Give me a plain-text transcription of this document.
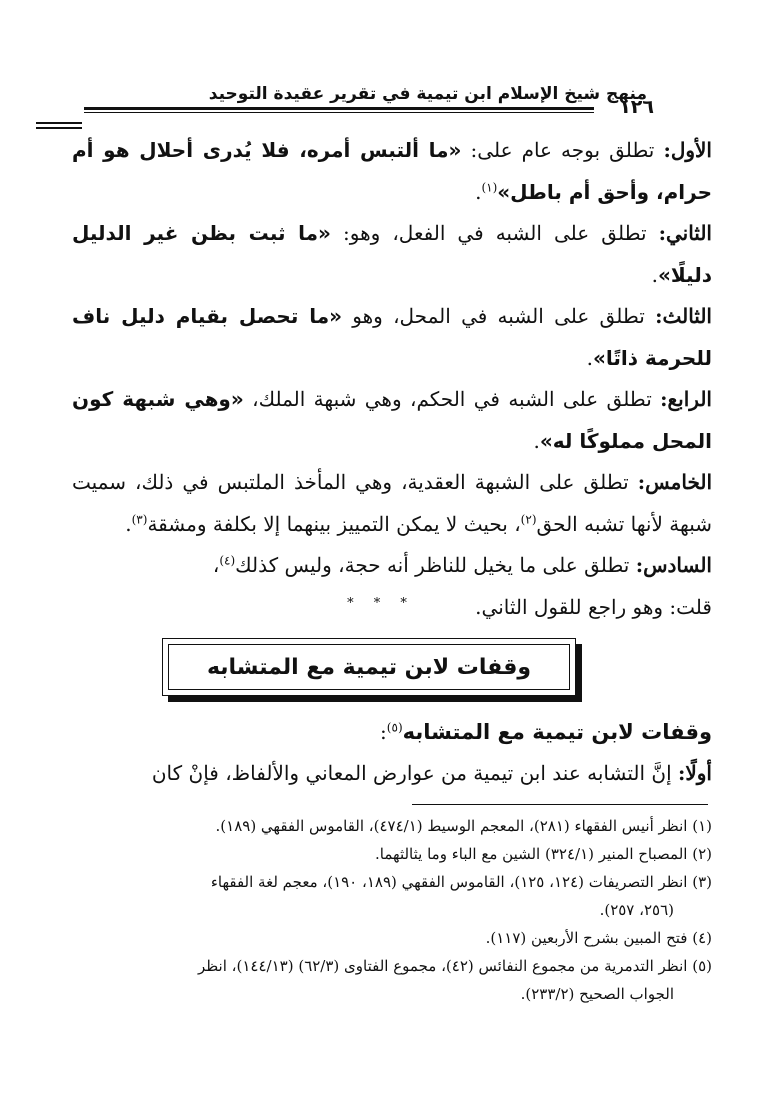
منهج شيخ الإسلام ابن تيمية في تقرير عقيدة التوحيد
١٢٦

الأول: تطلق بوجه عام على: «ما ألتبس أمره، فلا يُدرى أحلال هو أم حرام، وأحق أم باطل»$^{(١)}$.

الثاني: تطلق على الشبه في الفعل، وهو: «ما ثبت بظن غير الدليل دليلًا».

الثالث: تطلق على الشبه في المحل، وهو «ما تحصل بقيام دليل ناف للحرمة ذاتًا».

الرابع: تطلق على الشبه في الحكم، وهي شبهة الملك، «وهي شبهة كون المحل مملوكًا له».

الخامس: تطلق على الشبهة العقدية، وهي المأخذ الملتبس في ذلك، سميت شبهة لأنها تشبه الحق$^{(٢)}$، بحيث لا يمكن التمييز بينهما إلا بكلفة ومشقة$^{(٣)}$.

السادس: تطلق على ما يخيل للناظر أنه حجة، وليس كذلك$^{(٤)}$،

قلت: وهو راجع للقول الثاني.

* * *
وقفات لابن تيمية مع المتشابه

وقفات لابن تيمية مع المتشابه$^{(٥)}$:

أولًا: إنَّ التشابه عند ابن تيمية من عوارض المعاني والألفاظ، فإنْ كان

(١) انظر أنيس الفقهاء (٢٨١)، المعجم الوسيط (٤٧٤/١)، القاموس الفقهي (١٨٩).

(٢) المصباح المنير (٣٢٤/١) الشين مع الباء وما يثالثهما.

(٣) انظر التصريفات (١٢٤، ١٢٥)، القاموس الفقهي (١٨٩، ١٩٠)، معجم لغة الفقهاء

(٢٥٦، ٢٥٧).

(٤) فتح المبين بشرح الأربعين (١١٧).

(٥) انظر التدمرية من مجموع النفائس (٤٢)، مجموع الفتاوى (٦٢/٣) (١٤٤/١٣)، انظر

الجواب الصحيح (٢٣٣/٢).
